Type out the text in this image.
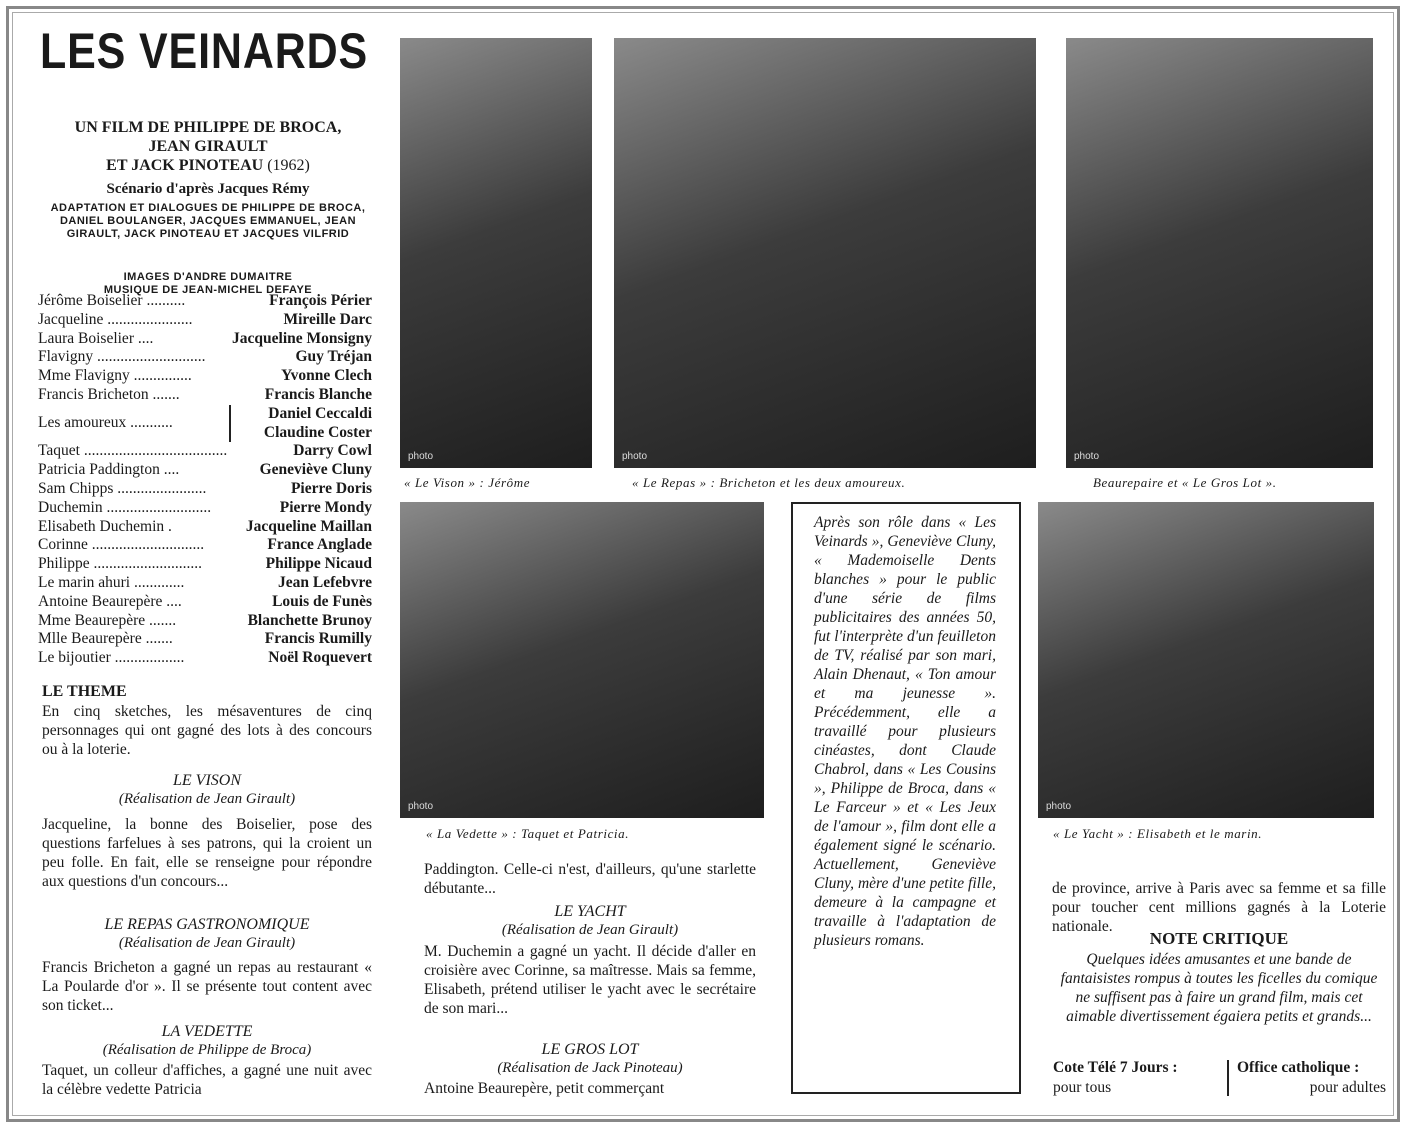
LES VEINARDS
UN FILM DE PHILIPPE DE BROCA,
JEAN GIRAULT
ET JACK PINOTEAU (1962)
Scénario d'après Jacques Rémy
ADAPTATION ET DIALOGUES DE PHILIPPE DE BROCA, DANIEL BOULANGER, JACQUES EMMANUEL, JEAN GIRAULT, JACK PINOTEAU ET JACQUES VILFRID
IMAGES D'ANDRE DUMAITRE
MUSIQUE DE JEAN-MICHEL DEFAYE
Jérôme Boiselier ..........	François Périer
Jacqueline ......................	Mireille Darc
Laura Boiselier ....	Jacqueline Monsigny
Flavigny ............................	Guy Tréjan
Mme Flavigny ...............	Yvonne Clech
Francis Bricheton .......	Francis Blanche
Les amoureux ...........
Daniel Ceccaldi
Claudine Coster
Taquet .....................................	Darry Cowl
Patricia Paddington ....	Geneviève Cluny
Sam Chipps .......................	Pierre Doris
Duchemin ...........................	Pierre Mondy
Elisabeth Duchemin .	Jacqueline Maillan
Corinne .............................	France Anglade
Philippe ............................	Philippe Nicaud
Le marin ahuri .............	Jean Lefebvre
Antoine Beaurepère ....	Louis de Funès
Mme Beaurepère .......	Blanchette Brunoy
Mlle Beaurepère .......	Francis Rumilly
Le bijoutier ..................	Noël Roquevert
LE THEME
En cinq sketches, les mésaventures de cinq personnages qui ont gagné des lots à des concours ou à la loterie.
LE VISON
(Réalisation de Jean Girault)
Jacqueline, la bonne des Boiselier, pose des questions farfelues à ses patrons, qui la croient un peu folle. En fait, elle se renseigne pour répondre aux questions d'un concours...
LE REPAS GASTRONOMIQUE
(Réalisation de Jean Girault)
Francis Bricheton a gagné un repas au restaurant « La Poularde d'or ». Il se présente tout content avec son ticket...
LA VEDETTE
(Réalisation de Philippe de Broca)
Taquet, un colleur d'affiches, a gagné une nuit avec la célèbre vedette Patricia
photo	photo	photo
« Le Vison » : Jérôme	« Le Repas » : Bricheton et les deux amoureux.	Beaurepaire et « Le Gros Lot ».
photo
« La Vedette » : Taquet et Patricia.
photo
« Le Yacht » : Elisabeth et le marin.
Paddington. Celle-ci n'est, d'ailleurs, qu'une starlette débutante...
LE YACHT
(Réalisation de Jean Girault)
M. Duchemin a gagné un yacht. Il décide d'aller en croisière avec Corinne, sa maîtresse. Mais sa femme, Elisabeth, prétend utiliser le yacht avec le secrétaire de son mari...
LE GROS LOT
(Réalisation de Jack Pinoteau)
Antoine Beaurepère, petit commerçant
Après son rôle dans « Les Veinards », Geneviève Cluny, « Mademoiselle Dents blanches » pour le public d'une série de films publicitaires des années 50, fut l'interprète d'un feuilleton de TV, réalisé par son mari, Alain Dhenaut, « Ton amour et ma jeunesse ». Précédemment, elle a travaillé pour plusieurs cinéastes, dont Claude Chabrol, dans « Les Cousins », Philippe de Broca, dans « Le Farceur » et « Les Jeux de l'amour », film dont elle a également signé le scénario. Actuellement, Geneviève Cluny, mère d'une petite fille, demeure à la campagne et travaille à l'adaptation de plusieurs romans.
de province, arrive à Paris avec sa femme et sa fille pour toucher cent millions gagnés à la Loterie nationale.
NOTE CRITIQUE
Quelques idées amusantes et une bande de fantaisistes rompus à toutes les ficelles du comique ne suffisent pas à faire un grand film, mais cet aimable divertissement égaiera petits et grands...
Cote Télé 7 Jours :
pour tous
Office catholique :
pour adultes
